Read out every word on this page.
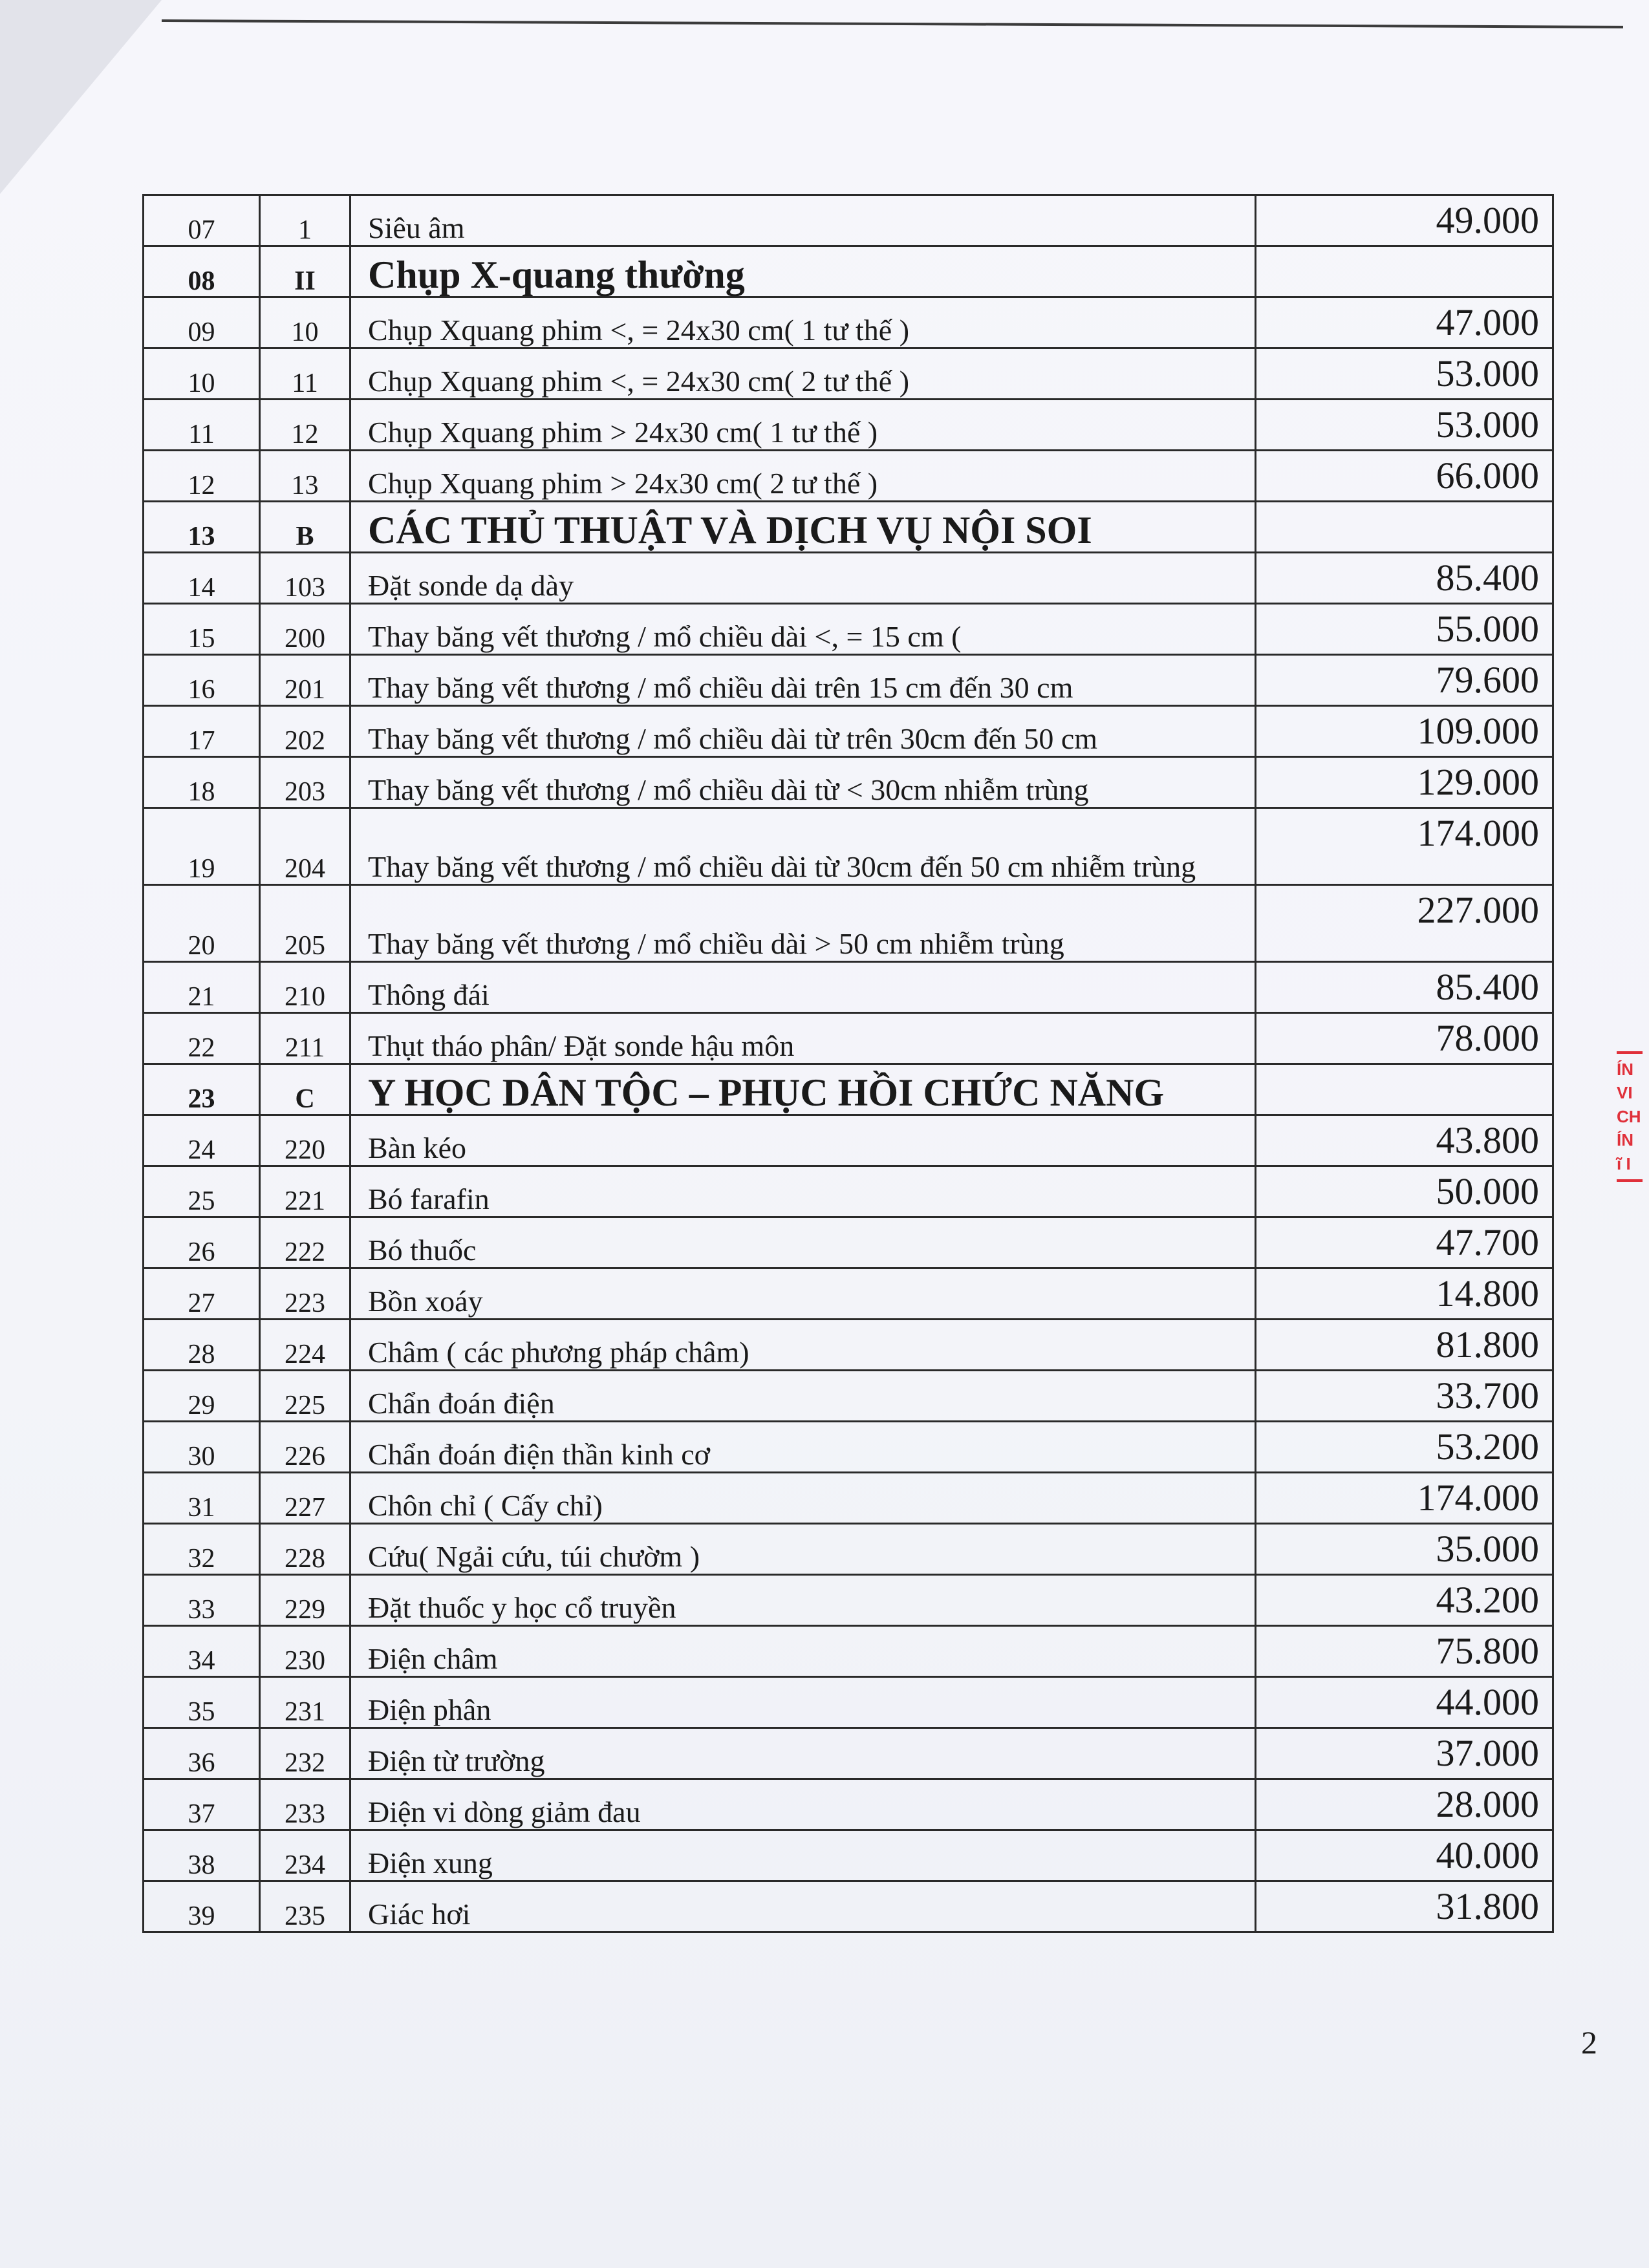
07	1	Siêu âm	49.000
08	II	Chụp X-quang thường	
09	10	Chụp Xquang phim <, = 24x30 cm( 1 tư thế )	47.000
10	11	Chụp Xquang phim <, = 24x30 cm( 2 tư thế )	53.000
11	12	Chụp Xquang phim > 24x30 cm( 1 tư thế )	53.000
12	13	Chụp Xquang phim > 24x30 cm( 2 tư thế )	66.000
13	B	CÁC THỦ THUẬT VÀ DỊCH VỤ NỘI SOI	
14	103	Đặt sonde dạ dày	85.400
15	200	Thay băng vết thương / mổ chiều dài <, = 15 cm (	55.000
16	201	Thay băng vết thương / mổ chiều dài trên 15 cm đến 30 cm	79.600
17	202	Thay băng vết thương / mổ chiều dài từ trên 30cm đến 50 cm	109.000
18	203	Thay băng vết thương / mổ chiều dài từ < 30cm nhiễm trùng	129.000
19	204	Thay băng vết thương / mổ chiều dài từ 30cm đến 50 cm nhiễm trùng	174.000
20	205	Thay băng vết thương / mổ chiều dài > 50 cm nhiễm trùng	227.000
21	210	Thông đái	85.400
22	211	Thụt tháo phân/ Đặt sonde hậu môn	78.000
23	C	Y HỌC DÂN TỘC – PHỤC HỒI CHỨC NĂNG	
24	220	Bàn kéo	43.800
25	221	Bó farafin	50.000
26	222	Bó thuốc	47.700
27	223	Bồn xoáy	14.800
28	224	Châm ( các phương pháp châm)	81.800
29	225	Chẩn đoán điện	33.700
30	226	Chẩn đoán điện thần kinh cơ	53.200
31	227	Chôn chỉ ( Cấy chỉ)	174.000
32	228	Cứu( Ngải cứu, túi chườm )	35.000
33	229	Đặt thuốc y học cổ truyền	43.200
34	230	Điện châm	75.800
35	231	Điện phân	44.000
36	232	Điện từ trường	37.000
37	233	Điện vi dòng giảm đau	28.000
38	234	Điện xung	40.000
39	235	Giác hơi	31.800
ÍN
VI
CH
ÍN
ĩ I
2
